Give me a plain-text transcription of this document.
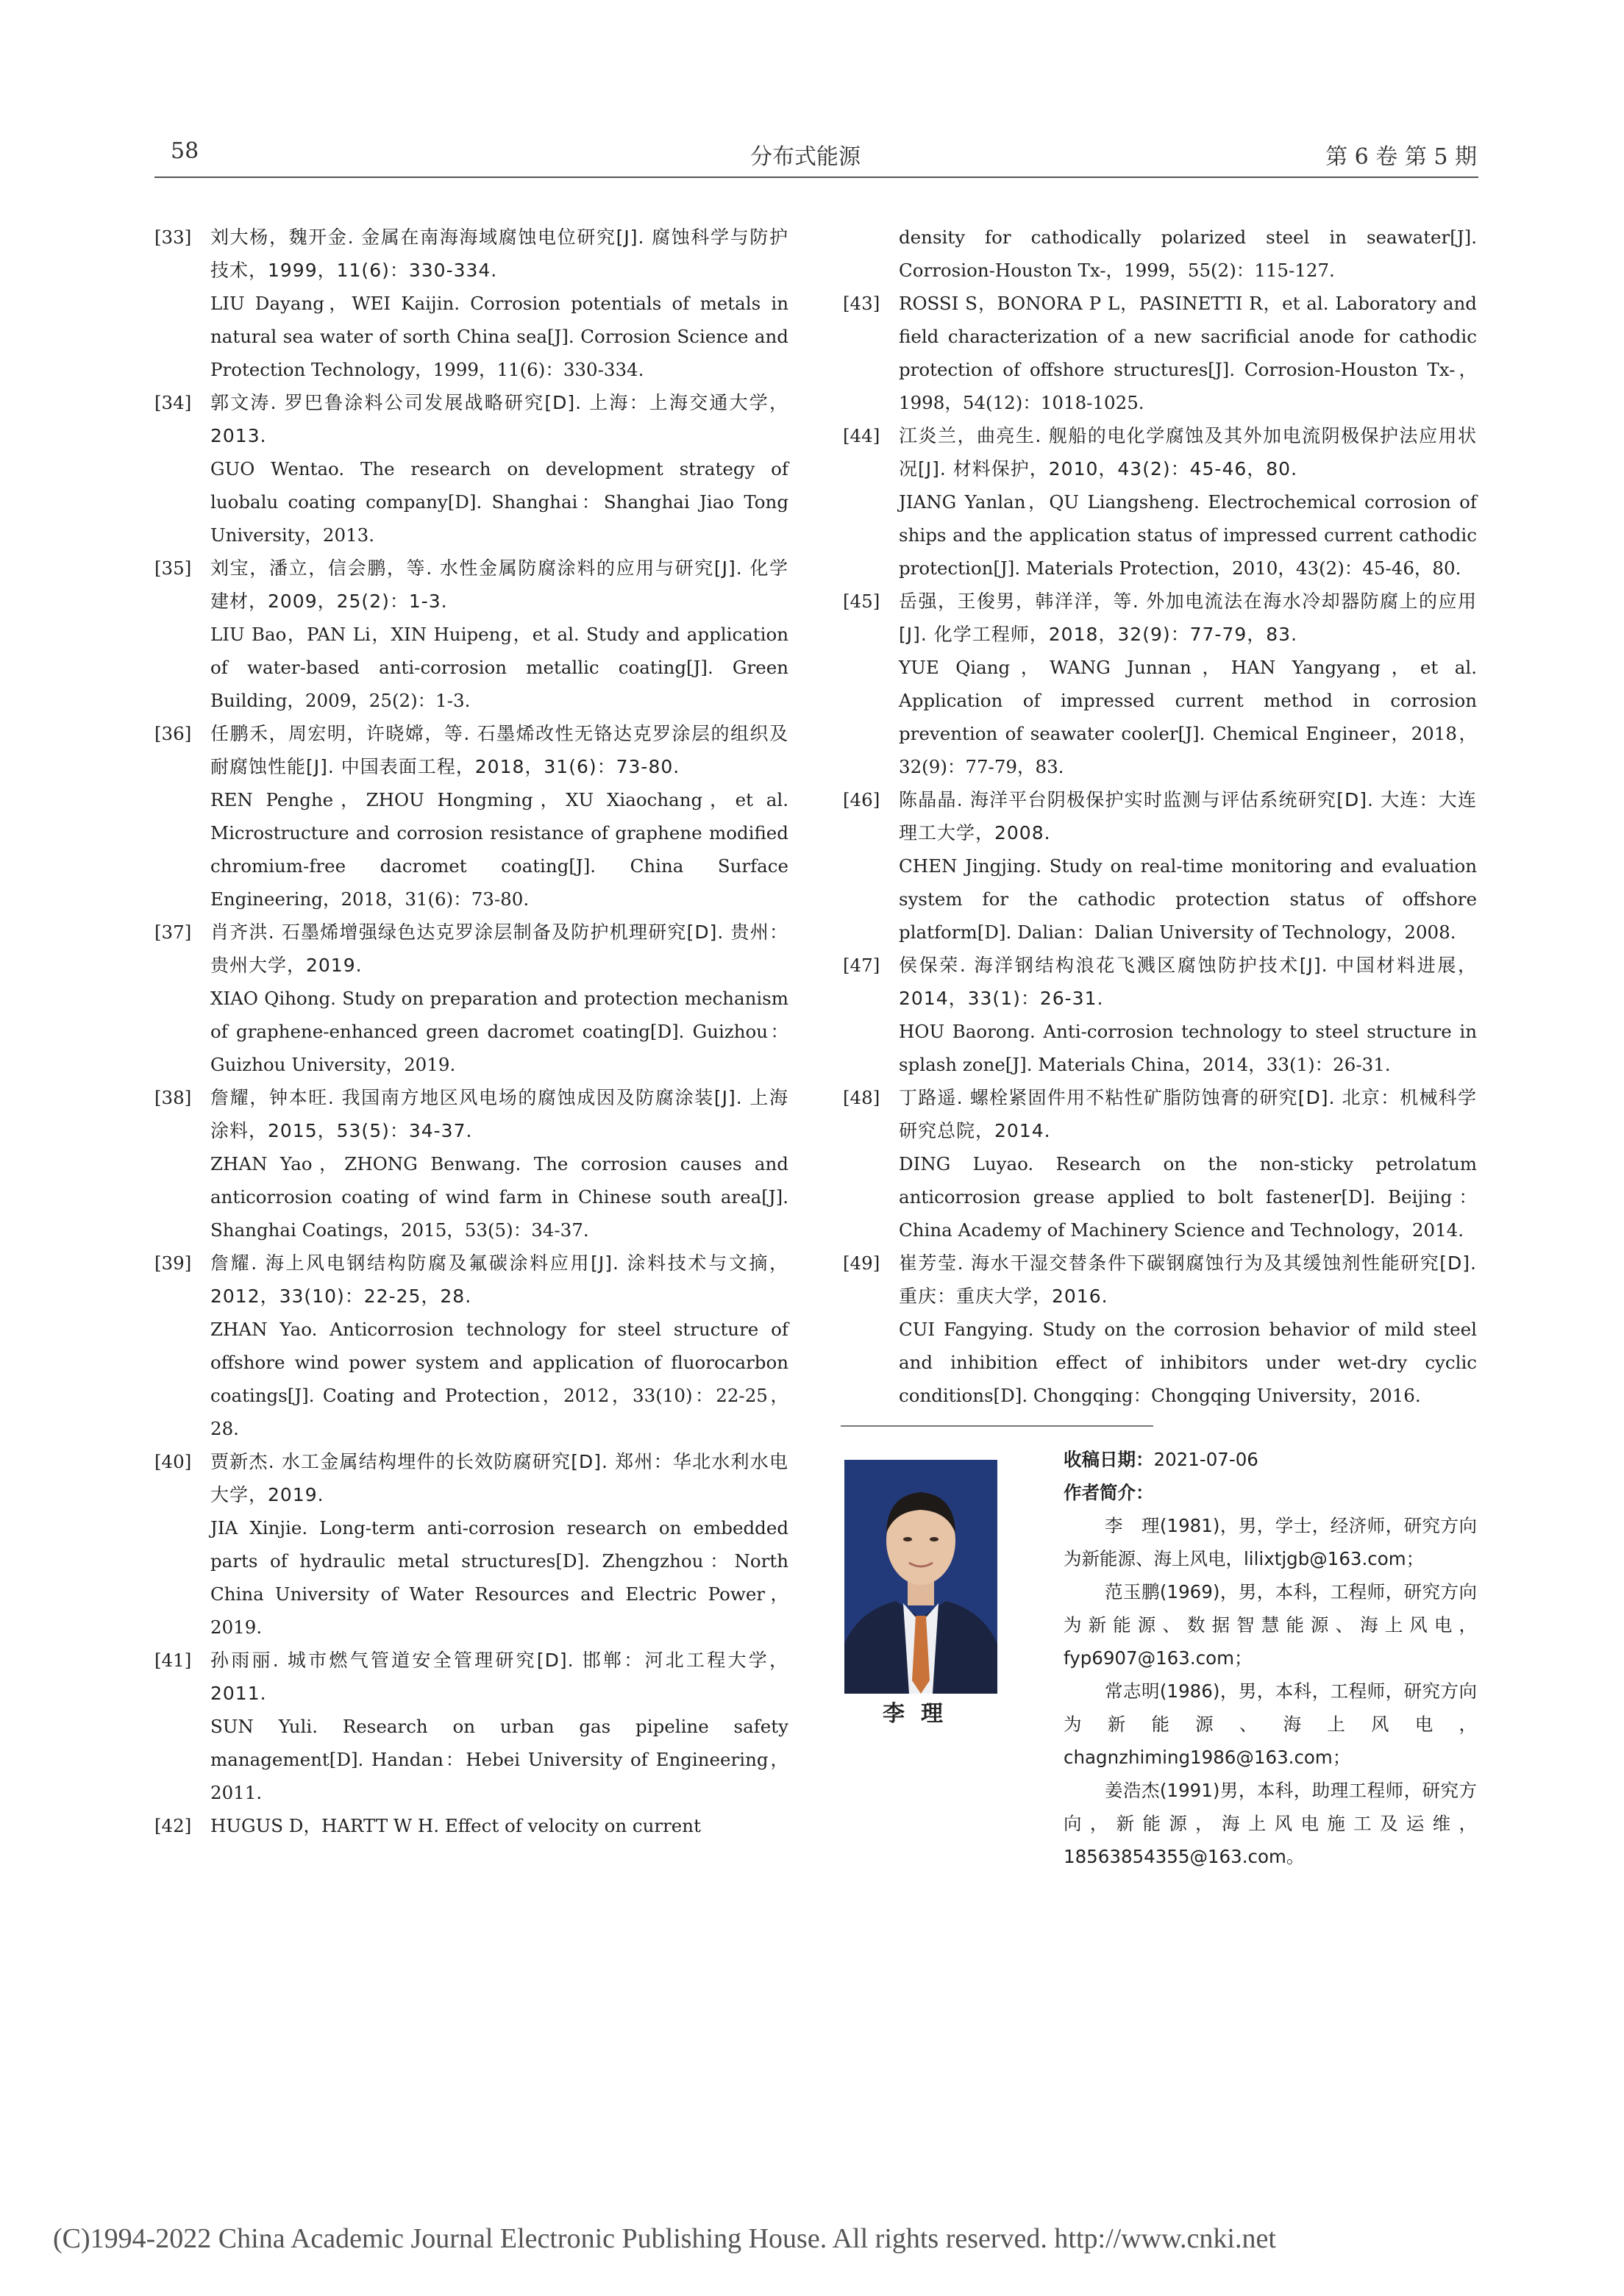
58	分布式能源	第 6 卷 第 5 期
[33] 刘大杨，魏开金. 金属在南海海域腐蚀电位研究[J]. 腐蚀科学与防护技术，1999，11(6)：330-334.

LIU Dayang，WEI Kaijin. Corrosion potentials of metals in natural sea water of sorth China sea[J]. Corrosion Science and Protection Technology，1999，11(6)：330-334.

[34] 郭文涛. 罗巴鲁涂料公司发展战略研究[D]. 上海：上海交通大学，2013.

GUO Wentao. The research on development strategy of luobalu coating company[D]. Shanghai：Shanghai Jiao Tong University，2013.

[35] 刘宝，潘立，信会鹏，等. 水性金属防腐涂料的应用与研究[J]. 化学建材，2009，25(2)：1-3.

LIU Bao，PAN Li，XIN Huipeng，et al. Study and application of water-based anti-corrosion metallic coating[J]. Green Building，2009，25(2)：1-3.

[36] 任鹏禾，周宏明，许晓嫦，等. 石墨烯改性无铬达克罗涂层的组织及耐腐蚀性能[J]. 中国表面工程，2018，31(6)：73-80.

REN Penghe，ZHOU Hongming，XU Xiaochang，et al. Microstructure and corrosion resistance of graphene modified chromium-free dacromet coating[J]. China Surface Engineering，2018，31(6)：73-80.

[37] 肖齐洪. 石墨烯增强绿色达克罗涂层制备及防护机理研究[D]. 贵州：贵州大学，2019.

XIAO Qihong. Study on preparation and protection mechanism of graphene-enhanced green dacromet coating[D]. Guizhou：Guizhou University，2019.

[38] 詹耀，钟本旺. 我国南方地区风电场的腐蚀成因及防腐涂装[J]. 上海涂料，2015，53(5)：34-37.

ZHAN Yao，ZHONG Benwang. The corrosion causes and anticorrosion coating of wind farm in Chinese south area[J]. Shanghai Coatings，2015，53(5)：34-37.

[39] 詹耀. 海上风电钢结构防腐及氟碳涂料应用[J]. 涂料技术与文摘，2012，33(10)：22-25，28.

ZHAN Yao. Anticorrosion technology for steel structure of offshore wind power system and application of fluorocarbon coatings[J]. Coating and Protection，2012，33(10)：22-25，28.

[40] 贾新杰. 水工金属结构埋件的长效防腐研究[D]. 郑州：华北水利水电大学，2019.

JIA Xinjie. Long-term anti-corrosion research on embedded parts of hydraulic metal structures[D]. Zhengzhou：North China University of Water Resources and Electric Power，2019.

[41] 孙雨丽. 城市燃气管道安全管理研究[D]. 邯郸：河北工程大学，2011.

SUN Yuli. Research on urban gas pipeline safety management[D]. Handan：Hebei University of Engineering，2011.

[42] HUGUS D，HARTT W H. Effect of velocity on current

density for cathodically polarized steel in seawater[J]. Corrosion-Houston Tx-，1999，55(2)：115-127.

[43] ROSSI S，BONORA P L，PASINETTI R，et al. Laboratory and field characterization of a new sacrificial anode for cathodic protection of offshore structures[J]. Corrosion-Houston Tx-，1998，54(12)：1018-1025.

[44] 江炎兰，曲亮生. 舰船的电化学腐蚀及其外加电流阴极保护法应用状况[J]. 材料保护，2010，43(2)：45-46，80.

JIANG Yanlan，QU Liangsheng. Electrochemical corrosion of ships and the application status of impressed current cathodic protection[J]. Materials Protection，2010，43(2)：45-46，80.

[45] 岳强，王俊男，韩洋洋，等. 外加电流法在海水冷却器防腐上的应用[J]. 化学工程师，2018，32(9)：77-79，83.

YUE Qiang，WANG Junnan，HAN Yangyang，et al. Application of impressed current method in corrosion prevention of seawater cooler[J]. Chemical Engineer，2018，32(9)：77-79，83.

[46] 陈晶晶. 海洋平台阴极保护实时监测与评估系统研究[D]. 大连：大连理工大学，2008.

CHEN Jingjing. Study on real-time monitoring and evaluation system for the cathodic protection status of offshore platform[D]. Dalian：Dalian University of Technology，2008.

[47] 侯保荣. 海洋钢结构浪花飞溅区腐蚀防护技术[J]. 中国材料进展，2014，33(1)：26-31.

HOU Baorong. Anti-corrosion technology to steel structure in splash zone[J]. Materials China，2014，33(1)：26-31.

[48] 丁路遥. 螺栓紧固件用不粘性矿脂防蚀膏的研究[D]. 北京：机械科学研究总院，2014.

DING Luyao. Research on the non-sticky petrolatum anticorrosion grease applied to bolt fastener[D]. Beijing：China Academy of Machinery Science and Technology，2014.

[49] 崔芳莹. 海水干湿交替条件下碳钢腐蚀行为及其缓蚀剂性能研究[D]. 重庆：重庆大学，2016.

CUI Fangying. Study on the corrosion behavior of mild steel and inhibition effect of inhibitors under wet-dry cyclic conditions[D]. Chongqing：Chongqing University，2016.

李理

收稿日期：2021-07-06

作者简介：

李　理(1981)，男，学士，经济师，研究方向为新能源、海上风电，lilixtjgb@163.com；

范玉鹏(1969)，男，本科，工程师，研究方向为新能源、数据智慧能源、海上风电，fyp6907@163.com；

常志明(1986)，男，本科，工程师，研究方向为新能源、海上风电，chagnzhiming1986@163.com；

姜浩杰(1991)男，本科，助理工程师，研究方向，新能源，海上风电施工及运维，18563854355@163.com。

(C)1994-2022 China Academic Journal Electronic Publishing House. All rights reserved. http://www.cnki.net
